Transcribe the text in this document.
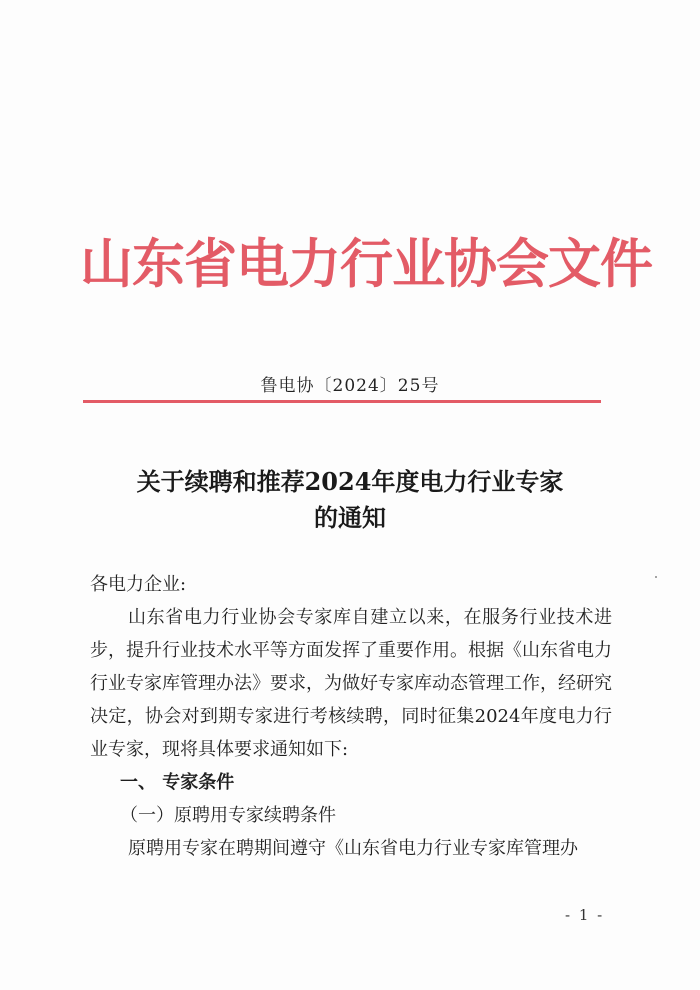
山东省电力行业协会文件
鲁电协〔2024〕25号
关于续聘和推荐2024年度电力行业专家
的通知

各电力企业:

山东省电力行业协会专家库自建立以来，在服务行业技术进步，提升行业技术水平等方面发挥了重要作用。根据《山东省电力行业专家库管理办法》要求，为做好专家库动态管理工作，经研究决定，协会对到期专家进行考核续聘，同时征集2024年度电力行业专家，现将具体要求通知如下:

一、 专家条件

（一）原聘用专家续聘条件

原聘用专家在聘期间遵守《山东省电力行业专家库管理办

- 1 -
